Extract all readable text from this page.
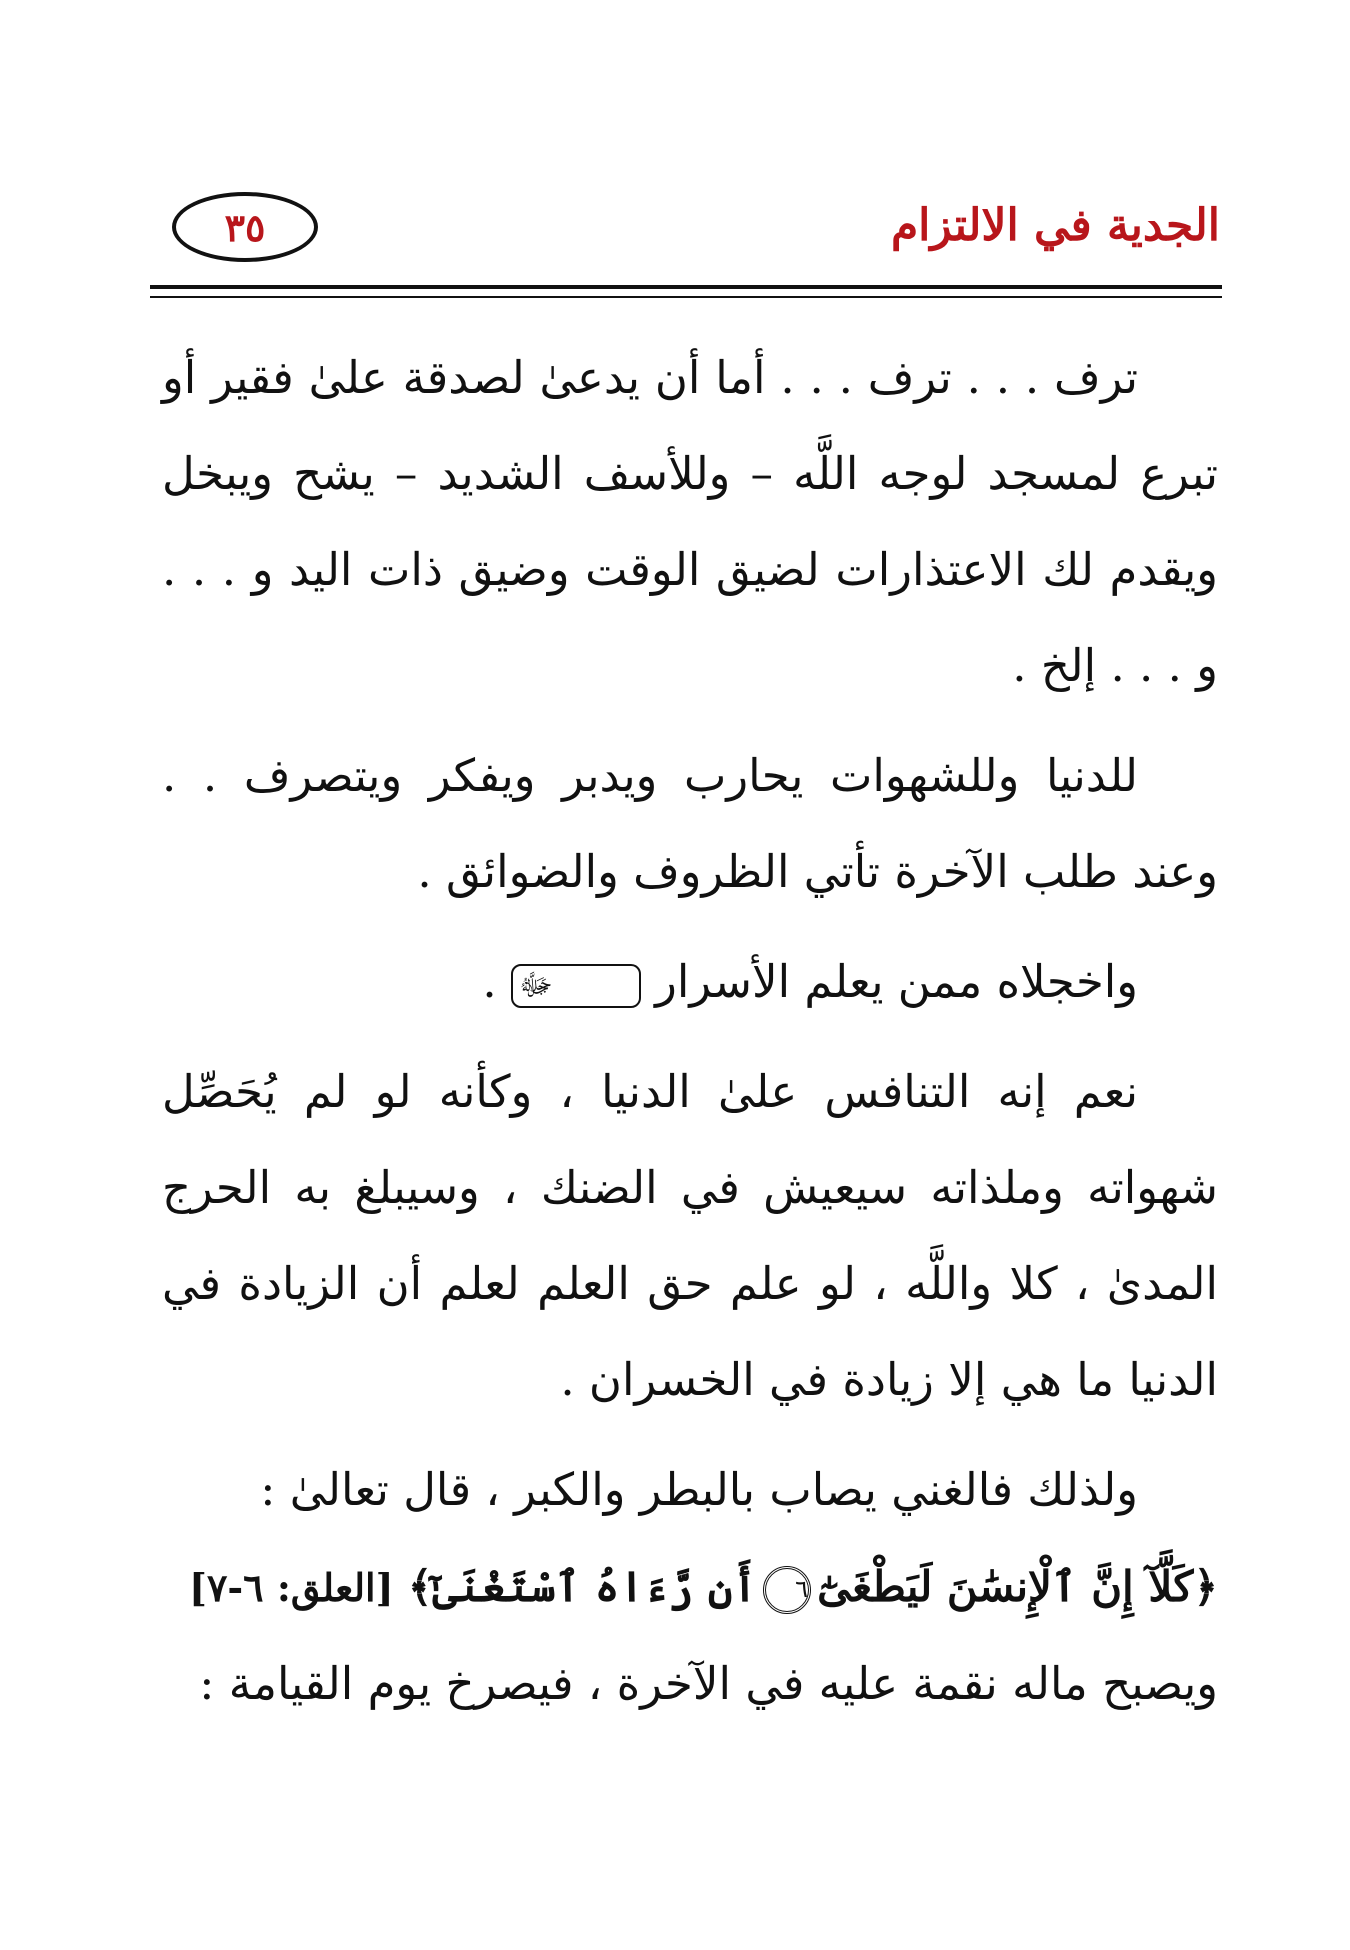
الجدية في الالتزام
٣٥

ترف . . . ترف . . . أما أن يدعىٰ لصدقة علىٰ فقير أو تبرع لمسجد لوجه اللَّه – وللأسف الشديد – يشح ويبخل ويقدم لك الاعتذارات لضيق الوقت وضيق ذات اليد و . . . و . . . إلخ .

للدنيا وللشهوات يحارب ويدبر ويفكر ويتصرف . . وعند طلب الآخرة تأتي الظروف والضوائق .

واخجلاه ممن يعلم الأسرار ﷻ .

نعم إنه التنافس علىٰ الدنيا ، وكأنه لو لم يُحَصِّل شهواته وملذاته سيعيش في الضنك ، وسيبلغ به الحرج المدىٰ ، كلا واللَّه ، لو علم حق العلم لعلم أن الزيادة في الدنيا ما هي إلا زيادة في الخسران .

ولذلك فالغني يصاب بالبطر والكبر ، قال تعالىٰ :
﴿كَلَّآ إِنَّ ٱلْإِنسَٰنَ لَيَطْغَىٰٓ٦أَن رَّءَاهُ ٱسْتَغْنَىٰٓ﴾ [العلق: ٦-٧]
ويصبح ماله نقمة عليه في الآخرة ، فيصرخ يوم القيامة :
